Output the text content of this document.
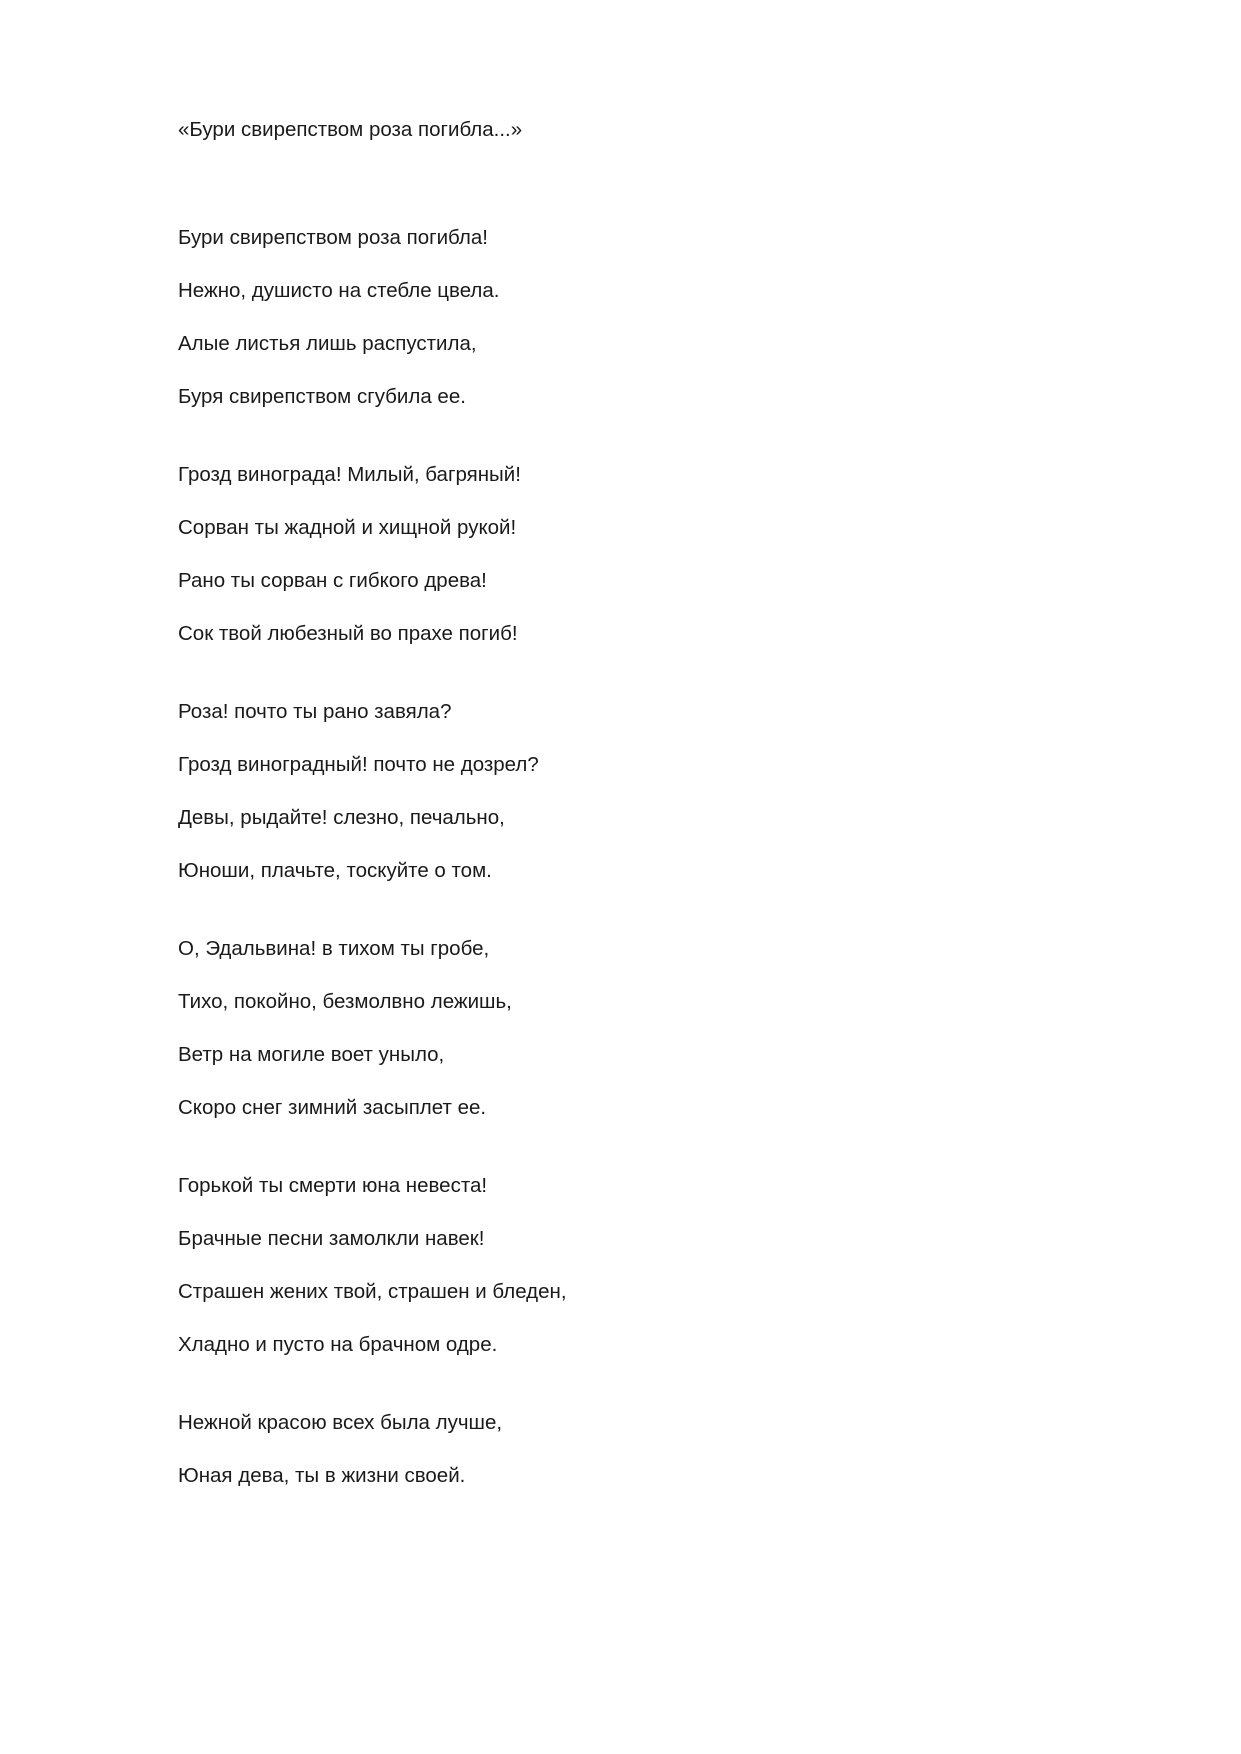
«Бури свирепством роза погибла...»

Бури свирепством роза погибла!

Нежно, душисто на стебле цвела.

Алые листья лишь распустила,

Буря свирепством сгубила ее.

Грозд винограда! Милый, багряный!

Сорван ты жадной и хищной рукой!

Рано ты сорван с гибкого древа!

Сок твой любезный во прахе погиб!

Роза! почто ты рано завяла?

Грозд виноградный! почто не дозрел?

Девы, рыдайте! слезно, печально,

Юноши, плачьте, тоскуйте о том.

О, Эдальвина! в тихом ты гробе,

Тихо, покойно, безмолвно лежишь,

Ветр на могиле воет уныло,

Скоро снег зимний засыплет ее.

Горькой ты смерти юна невеста!

Брачные песни замолкли навек!

Страшен жених твой, страшен и бледен,

Хладно и пусто на брачном одре.

Нежной красою всех была лучше,

Юная дева, ты в жизни своей.
